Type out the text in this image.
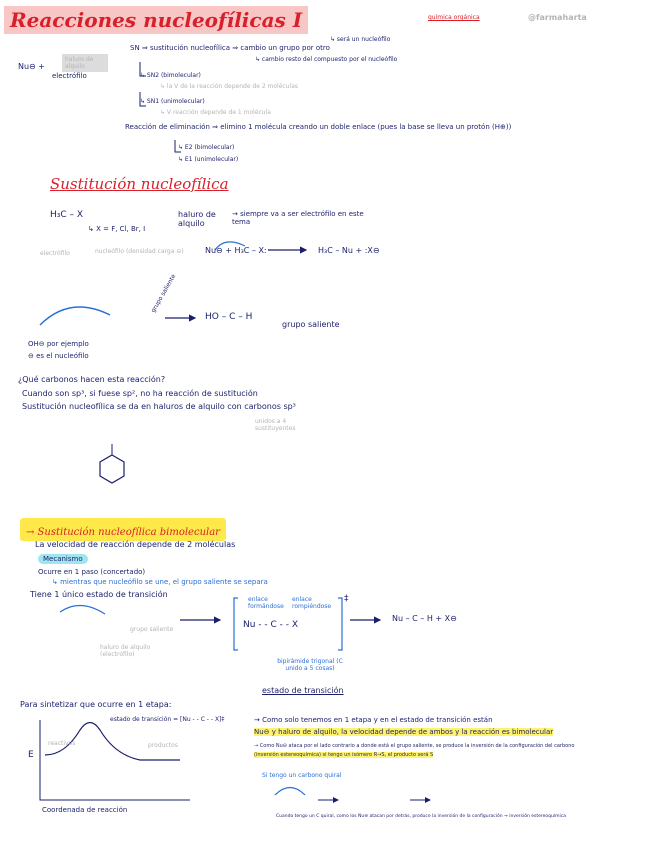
Reacciones nucleofílicas I	química orgánica	@farmaharta
Nu⊖ +
haluro de alquilo
electrófilo
SN ⇒ sustitución nucleofílica ⇒ cambio un grupo por otro
↳ será un nucleófilo
↳ cambio resto del compuesto por el nucleófilo
↳ SN2 (bimolecular)
↳ la V de la reacción depende de 2 moléculas
↳ SN1 (unimolecular)
↳ V reacción depende de 1 molécula
Reacción de eliminación ⇒ elimino 1 molécula creando un doble enlace (pues la base se lleva un protón (H⊕))
↳ E2 (bimolecular)
↳ E1 (unimolecular)
Sustitución nucleofílica
H₃C – X
↳ X = F, Cl, Br, I
haluro de alquilo
→ siempre va a ser electrófilo en este tema
electrófilo	nucleófilo (densidad carga ⊖)	Nu⊖ + H₃C – X:	H₃C – Nu + :X⊖
grupo saliente
HO – C – H
grupo saliente
OH⊖ por ejemplo
⊖ es el nucleófilo
¿Qué carbonos hacen esta reacción?
Cuando son sp³, si fuese sp², no ha reacción de sustitución
Sustitución nucleofílica se da en haluros de alquilo con carbonos sp³
unidos a 4 sustituyentes
→ Sustitución nucleofílica bimolecular
La velocidad de reacción depende de 2 moléculas
Mecanismo
Ocurre en 1 paso (concertado)
↳ mientras que nucleófilo se une, el grupo saliente se separa
Tiene 1 único estado de transición
enlace formándose
enlace rompiéndose
Nu - - C - - X
‡
grupo saliente
haluro de alquilo (electrófilo)
bipirámide trigonal (C unido a 5 cosas)
estado de transición
Nu – C – H + X⊖
Para sintetizar que ocurre en 1 etapa:
estado de transición = [Nu - - C - - X]‡
reactivos	productos
E
Coordenada de reacción
→ Como solo tenemos en 1 etapa y en el estado de transición están
Nu⊖ y haluro de alquilo, la velocidad depende de ambos y la reacción es bimolecular
→ Como Nu⊖ ataca por el lado contrario a donde está el grupo saliente, se produce la inversión de la configuración del carbono
(inversión estereoquímica) si tengo un isómero R→S, el producto será S
Si tengo un carbono quiral
Cuando tengo un C quiral, como los Nu⊖ atacan por detrás, produce la inversión de la configuración → inversión estereoquímica
